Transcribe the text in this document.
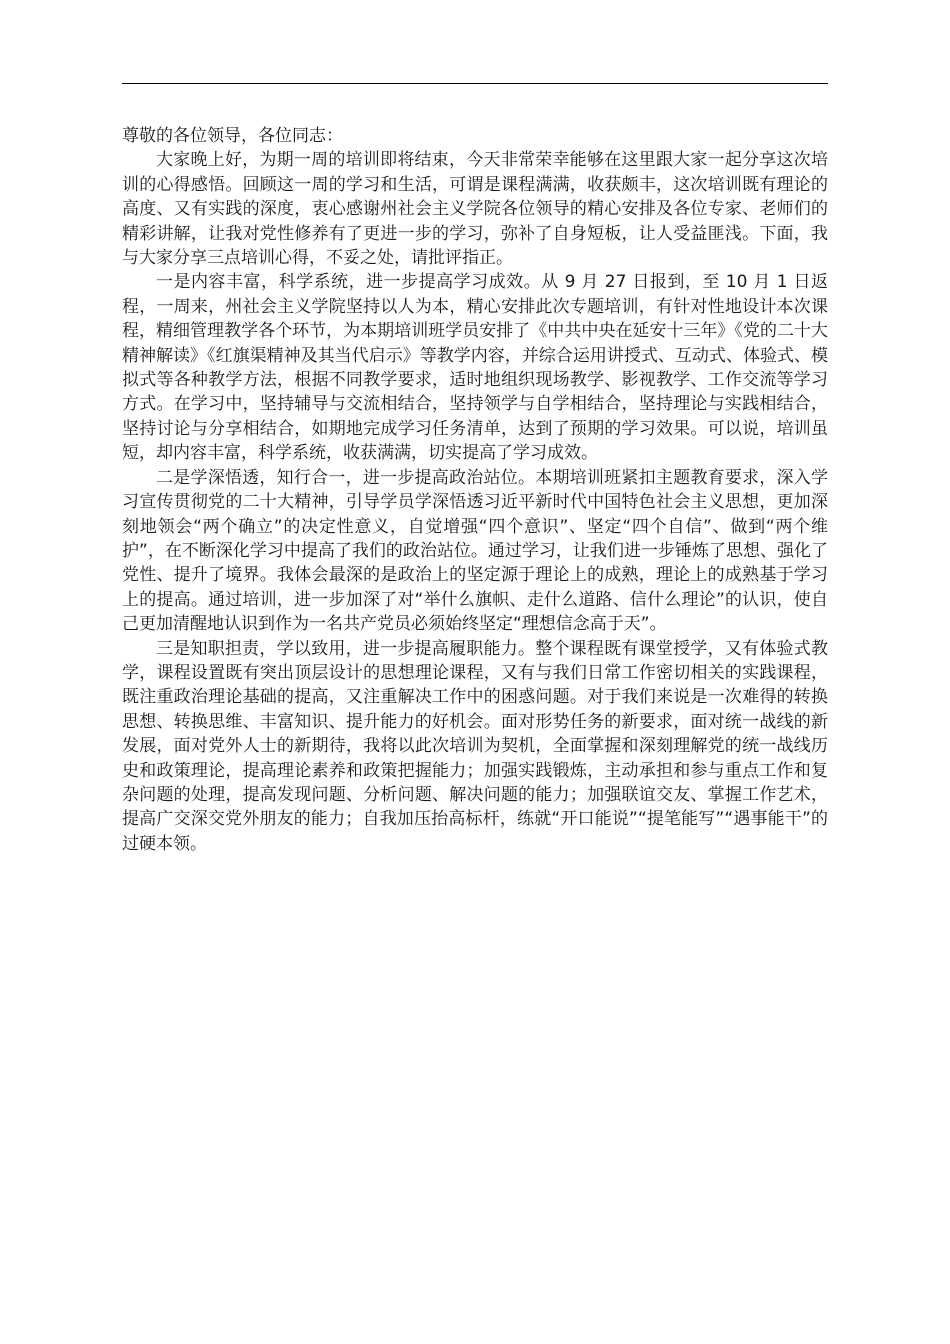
尊敬的各位领导，各位同志：

大家晚上好，为期一周的培训即将结束，今天非常荣幸能够在这里跟大家一起分享这次培训的心得感悟。回顾这一周的学习和生活，可谓是课程满满，收获颇丰，这次培训既有理论的高度、又有实践的深度，衷心感谢州社会主义学院各位领导的精心安排及各位专家、老师们的精彩讲解，让我对党性修养有了更进一步的学习，弥补了自身短板，让人受益匪浅。下面，我与大家分享三点培训心得，不妥之处，请批评指正。

一是内容丰富，科学系统，进一步提高学习成效。从 9 月 27 日报到，至 10 月 1 日返程，一周来，州社会主义学院坚持以人为本，精心安排此次专题培训，有针对性地设计本次课程，精细管理教学各个环节，为本期培训班学员安排了《中共中央在延安十三年》《党的二十大精神解读》《红旗渠精神及其当代启示》等教学内容，并综合运用讲授式、互动式、体验式、模拟式等各种教学方法，根据不同教学要求，适时地组织现场教学、影视教学、工作交流等学习方式。在学习中，坚持辅导与交流相结合，坚持领学与自学相结合，坚持理论与实践相结合，坚持讨论与分享相结合，如期地完成学习任务清单，达到了预期的学习效果。可以说，培训虽短，却内容丰富，科学系统，收获满满，切实提高了学习成效。

二是学深悟透，知行合一，进一步提高政治站位。本期培训班紧扣主题教育要求，深入学习宣传贯彻党的二十大精神，引导学员学深悟透习近平新时代中国特色社会主义思想，更加深刻地领会“两个确立”的决定性意义，自觉增强“四个意识”、坚定“四个自信”、做到“两个维护”，在不断深化学习中提高了我们的政治站位。通过学习，让我们进一步锤炼了思想、强化了党性、提升了境界。我体会最深的是政治上的坚定源于理论上的成熟，理论上的成熟基于学习上的提高。通过培训，进一步加深了对“举什么旗帜、走什么道路、信什么理论”的认识，使自己更加清醒地认识到作为一名共产党员必须始终坚定“理想信念高于天”。

三是知职担责，学以致用，进一步提高履职能力。整个课程既有课堂授学，又有体验式教学，课程设置既有突出顶层设计的思想理论课程，又有与我们日常工作密切相关的实践课程，既注重政治理论基础的提高，又注重解决工作中的困惑问题。对于我们来说是一次难得的转换思想、转换思维、丰富知识、提升能力的好机会。面对形势任务的新要求，面对统一战线的新发展，面对党外人士的新期待，我将以此次培训为契机，全面掌握和深刻理解党的统一战线历史和政策理论，提高理论素养和政策把握能力；加强实践锻炼，主动承担和参与重点工作和复杂问题的处理，提高发现问题、分析问题、解决问题的能力；加强联谊交友、掌握工作艺术，提高广交深交党外朋友的能力；自我加压抬高标杆，练就“开口能说”“提笔能写”“遇事能干”的过硬本领。
